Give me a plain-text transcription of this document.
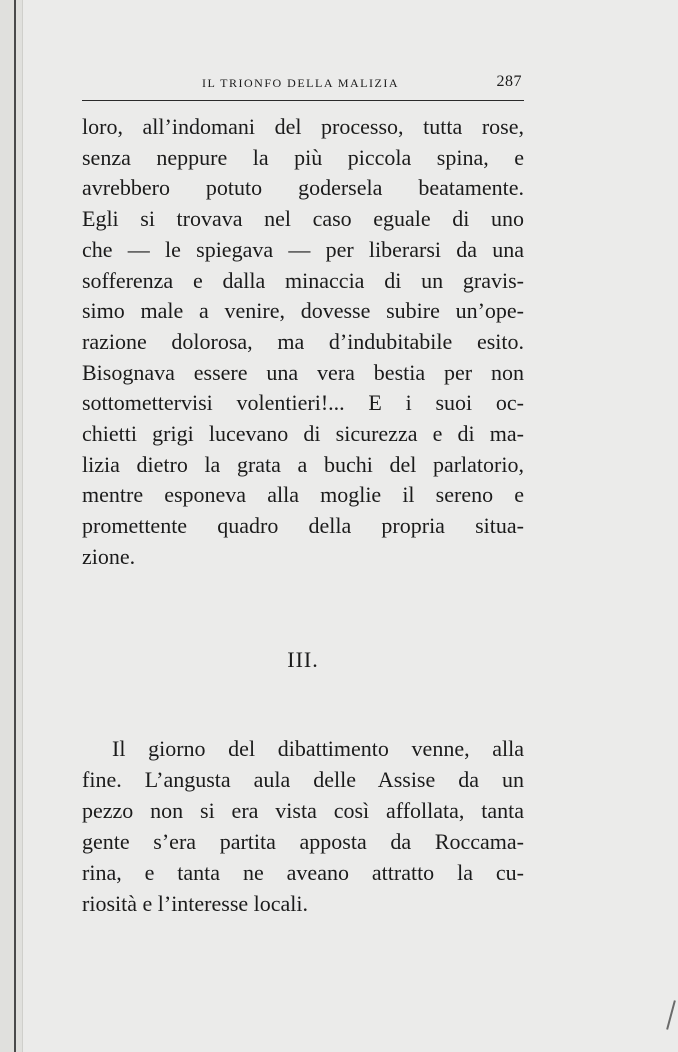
IL TRIONFO DELLA MALIZIA	287
loro, all’indomani del processo, tutta rose,
senza neppure la più piccola spina, e
avrebbero potuto godersela beatamente.
Egli si trovava nel caso eguale di uno
che — le spiegava — per liberarsi da una
sofferenza e dalla minaccia di un gravis-
simo male a venire, dovesse subire un’ope-
razione dolorosa, ma d’indubitabile esito.
Bisognava essere una vera bestia per non
sottomettervisi volentieri!... E i suoi oc-
chietti grigi lucevano di sicurezza e di ma-
lizia dietro la grata a buchi del parlatorio,
mentre esponeva alla moglie il sereno e
promettente quadro della propria situa-
zione.
III.
Il giorno del dibattimento venne, alla
fine. L’angusta aula delle Assise da un
pezzo non si era vista così affollata, tanta
gente s’era partita apposta da Roccama-
rina, e tanta ne aveano attratto la cu-
riosità e l’interesse locali.
